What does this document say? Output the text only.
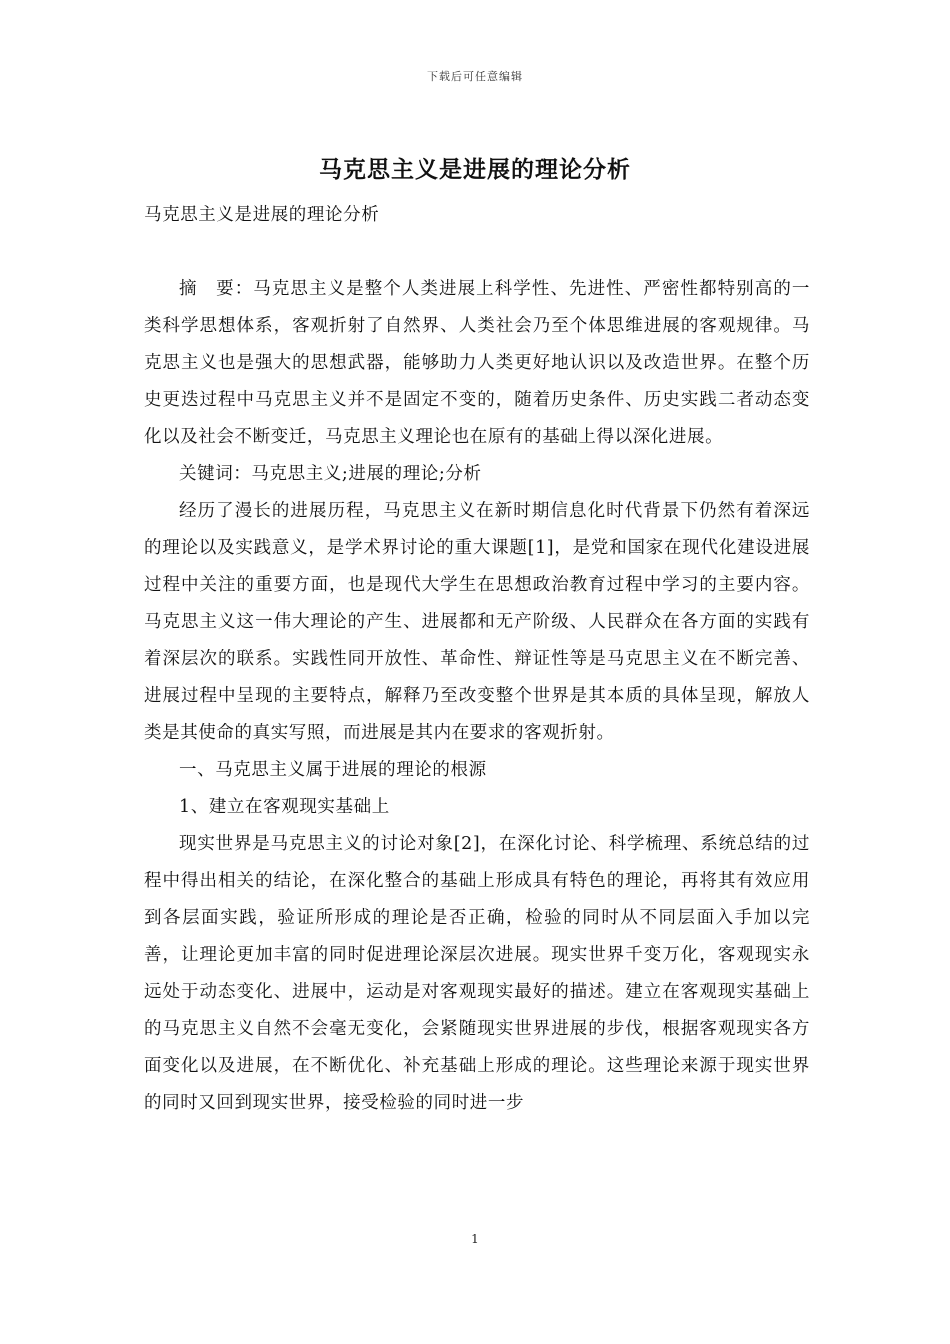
下载后可任意编辑
马克思主义是进展的理论分析

马克思主义是进展的理论分析

摘　要：马克思主义是整个人类进展上科学性、先进性、严密性都特别高的一类科学思想体系，客观折射了自然界、人类社会乃至个体思维进展的客观规律。马克思主义也是强大的思想武器，能够助力人类更好地认识以及改造世界。在整个历史更迭过程中马克思主义并不是固定不变的，随着历史条件、历史实践二者动态变化以及社会不断变迁，马克思主义理论也在原有的基础上得以深化进展。

关键词：马克思主义;进展的理论;分析

经历了漫长的进展历程，马克思主义在新时期信息化时代背景下仍然有着深远的理论以及实践意义，是学术界讨论的重大课题[1]，是党和国家在现代化建设进展过程中关注的重要方面，也是现代大学生在思想政治教育过程中学习的主要内容。马克思主义这一伟大理论的产生、进展都和无产阶级、人民群众在各方面的实践有着深层次的联系。实践性同开放性、革命性、辩证性等是马克思主义在不断完善、进展过程中呈现的主要特点，解释乃至改变整个世界是其本质的具体呈现，解放人类是其使命的真实写照，而进展是其内在要求的客观折射。

一、马克思主义属于进展的理论的根源

1、建立在客观现实基础上

现实世界是马克思主义的讨论对象[2]，在深化讨论、科学梳理、系统总结的过程中得出相关的结论，在深化整合的基础上形成具有特色的理论，再将其有效应用到各层面实践，验证所形成的理论是否正确，检验的同时从不同层面入手加以完善，让理论更加丰富的同时促进理论深层次进展。现实世界千变万化，客观现实永远处于动态变化、进展中，运动是对客观现实最好的描述。建立在客观现实基础上的马克思主义自然不会毫无变化，会紧随现实世界进展的步伐，根据客观现实各方面变化以及进展，在不断优化、补充基础上形成的理论。这些理论来源于现实世界的同时又回到现实世界，接受检验的同时进一步

1
